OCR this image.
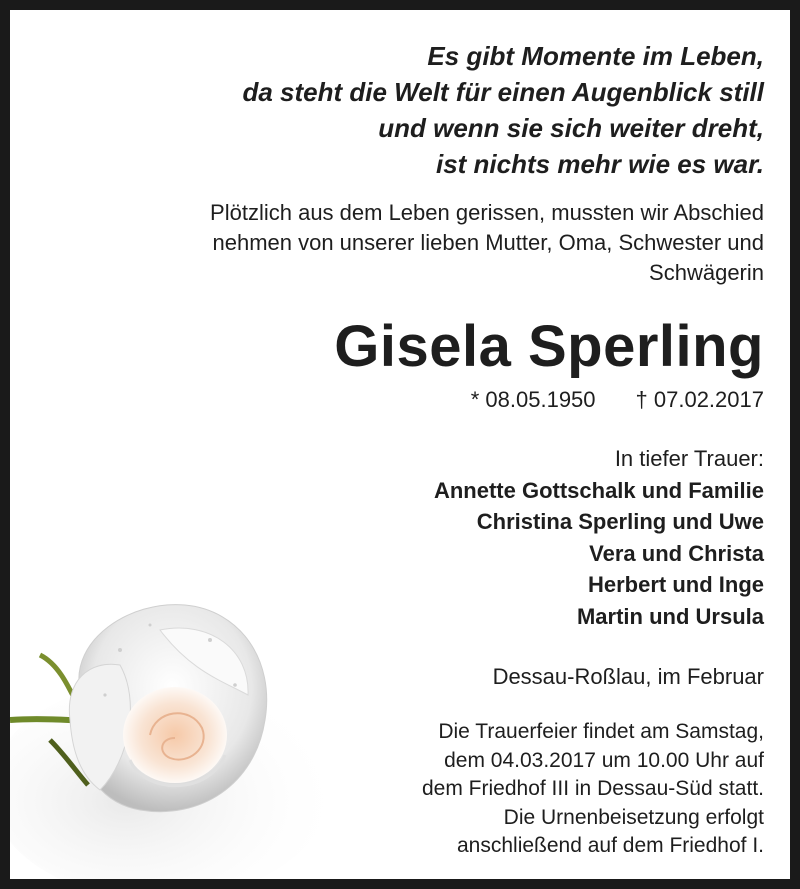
Es gibt Momente im Leben,
da steht die Welt für einen Augenblick still
und wenn sie sich weiter dreht,
ist nichts mehr wie es war.
Plötzlich aus dem Leben gerissen, mussten wir Abschied
nehmen von unserer lieben Mutter, Oma, Schwester und
Schwägerin
Gisela Sperling
* 08.05.1950 † 07.02.2017
In tiefer Trauer:
Annette Gottschalk und Familie
Christina Sperling und Uwe
Vera und Christa
Herbert und Inge
Martin und Ursula
Dessau-Roßlau, im Februar
Die Trauerfeier findet am Samstag,
dem 04.03.2017 um 10.00 Uhr auf
dem Friedhof III in Dessau-Süd statt.
Die Urnenbeisetzung erfolgt
anschließend auf dem Friedhof I.
